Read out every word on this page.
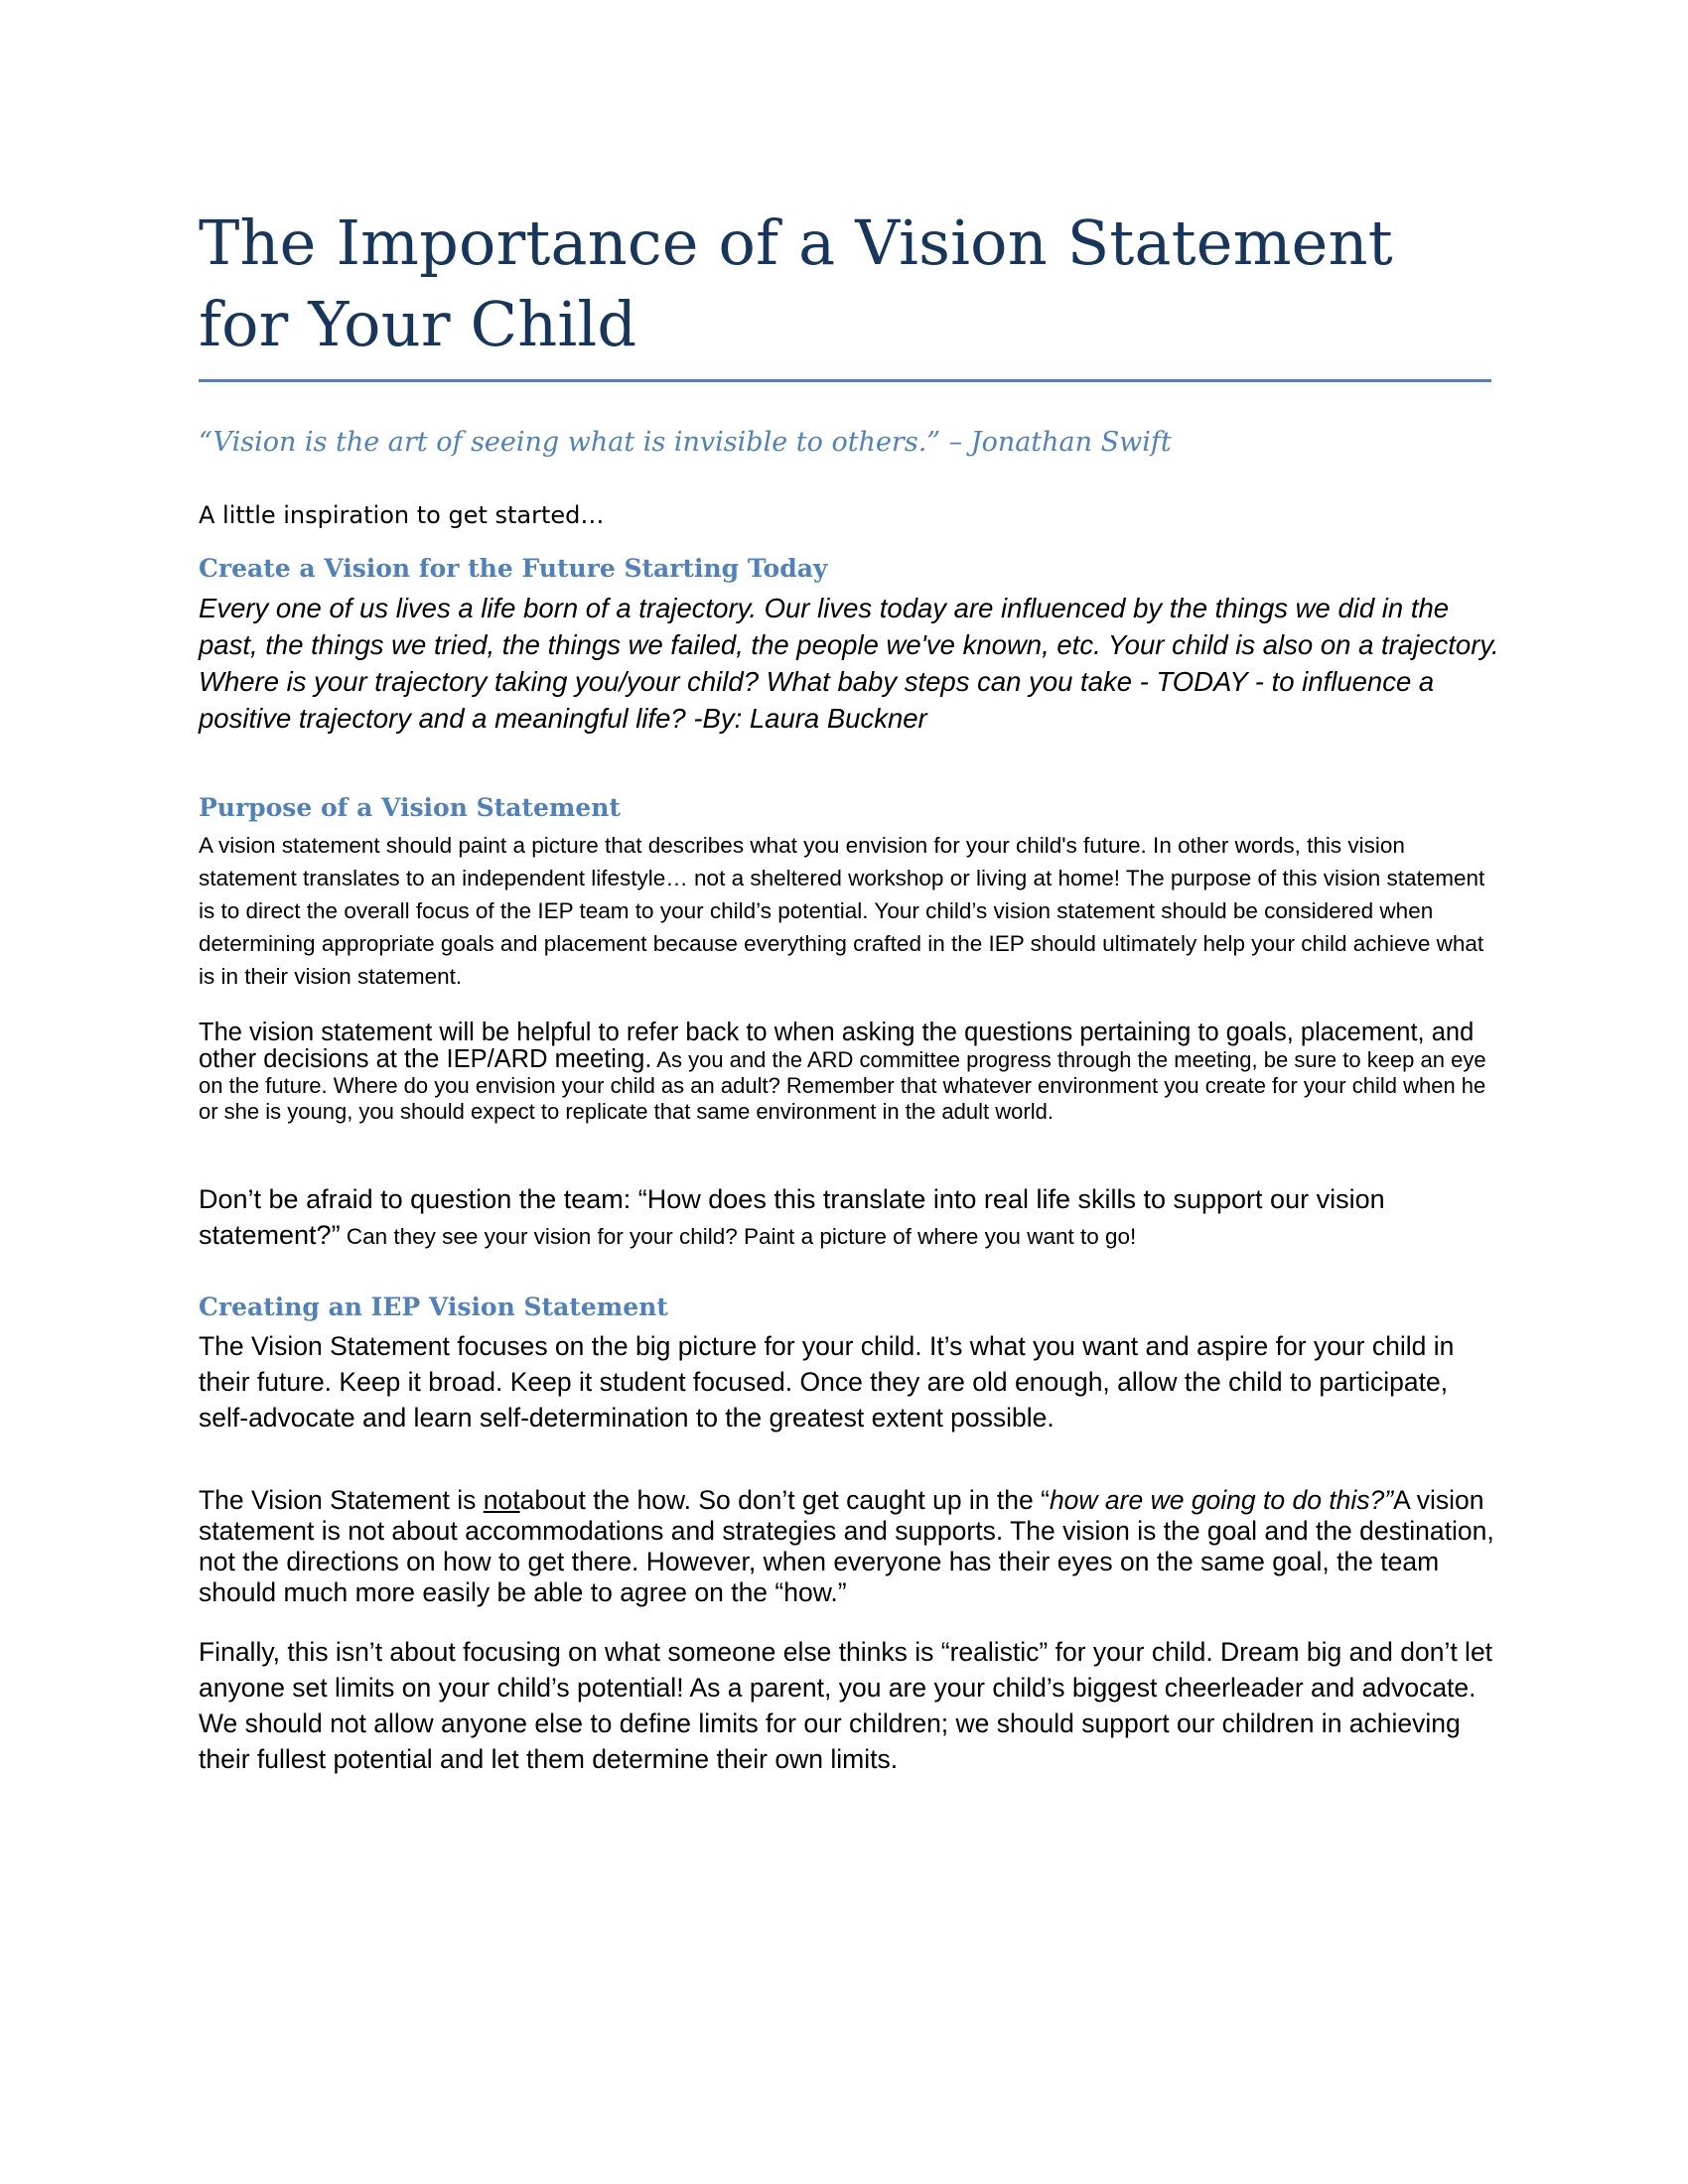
The Importance of a Vision Statement for Your Child

“Vision is the art of seeing what is invisible to others.” – Jonathan Swift

A little inspiration to get started…

Create a Vision for the Future Starting Today

Every one of us lives a life born of a trajectory. Our lives today are influenced by the things we did in the past, the things we tried, the things we failed, the people we've known, etc. Your child is also on a trajectory. Where is your trajectory taking you/your child? What baby steps can you take - TODAY - to influence a positive trajectory and a meaningful life? -By: Laura Buckner

Purpose of a Vision Statement

A vision statement should paint a picture that describes what you envision for your child's future. In other words, this vision statement translates to an independent lifestyle… not a sheltered workshop or living at home! The purpose of this vision statement is to direct the overall focus of the IEP team to your child’s potential. Your child’s vision statement should be considered when determining appropriate goals and placement because everything crafted in the IEP should ultimately help your child achieve what is in their vision statement.

The vision statement will be helpful to refer back to when asking the questions pertaining to goals, placement, and other decisions at the IEP/ARD meeting. As you and the ARD committee progress through the meeting, be sure to keep an eye on the future. Where do you envision your child as an adult? Remember that whatever environment you create for your child when he or she is young, you should expect to replicate that same environment in the adult world.

Don’t be afraid to question the team: “How does this translate into real life skills to support our vision statement?” Can they see your vision for your child? Paint a picture of where you want to go!

Creating an IEP Vision Statement

The Vision Statement focuses on the big picture for your child. It’s what you want and aspire for your child in their future. Keep it broad. Keep it student focused. Once they are old enough, allow the child to participate, self-advocate and learn self-determination to the greatest extent possible.

The Vision Statement is notabout the how. So don’t get caught up in the “how are we going to do this?”A vision statement is not about accommodations and strategies and supports. The vision is the goal and the destination, not the directions on how to get there. However, when everyone has their eyes on the same goal, the team should much more easily be able to agree on the “how.”

Finally, this isn’t about focusing on what someone else thinks is “realistic” for your child. Dream big and don’t let anyone set limits on your child’s potential! As a parent, you are your child’s biggest cheerleader and advocate. We should not allow anyone else to define limits for our children; we should support our children in achieving their fullest potential and let them determine their own limits.
